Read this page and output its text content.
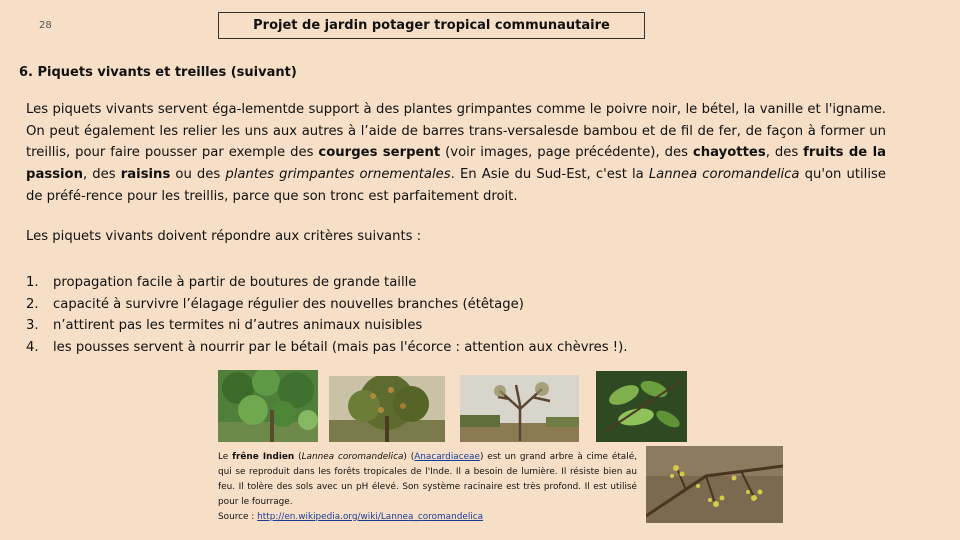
28	Projet de jardin potager tropical communautaire
6. Piquets vivants et treilles (suivant)

Les piquets vivants servent éga-lementde support à des plantes grimpantes comme le poivre noir, le bétel, la vanille et l'igname. On peut également les relier les uns aux autres à l’aide de barres trans-versalesde bambou et de fil de fer, de façon à former un treillis, pour faire pousser par exemple des courges serpent (voir images, page précédente), des chayottes, des fruits de la passion, des raisins ou des plantes grimpantes ornementales. En Asie du Sud-Est, c'est la Lannea coromandelica qu'on utilise de préfé-rence pour les treillis, parce que son tronc est parfaitement droit.

Les piquets vivants doivent répondre aux critères suivants :

1.	propagation facile à partir de boutures de grande taille
2.	capacité à survivre l’élagage régulier des nouvelles branches (étêtage)
3.	n’attirent pas les termites ni d’autres animaux nuisibles
4.	les pousses servent à nourrir par le bétail (mais pas l'écorce : attention aux chèvres !).

Le frêne Indien (Lannea coromandelica) (Anacardiaceae) est un grand arbre à cime étalé, qui se reproduit dans les forêts tropicales de l'Inde. Il a besoin de lumière. Il résiste bien au feu. Il tolère des sols avec un pH élevé. Son système racinaire est très profond. Il est utilisé pour le fourrage.
Source : http://en.wikipedia.org/wiki/Lannea_coromandelica
